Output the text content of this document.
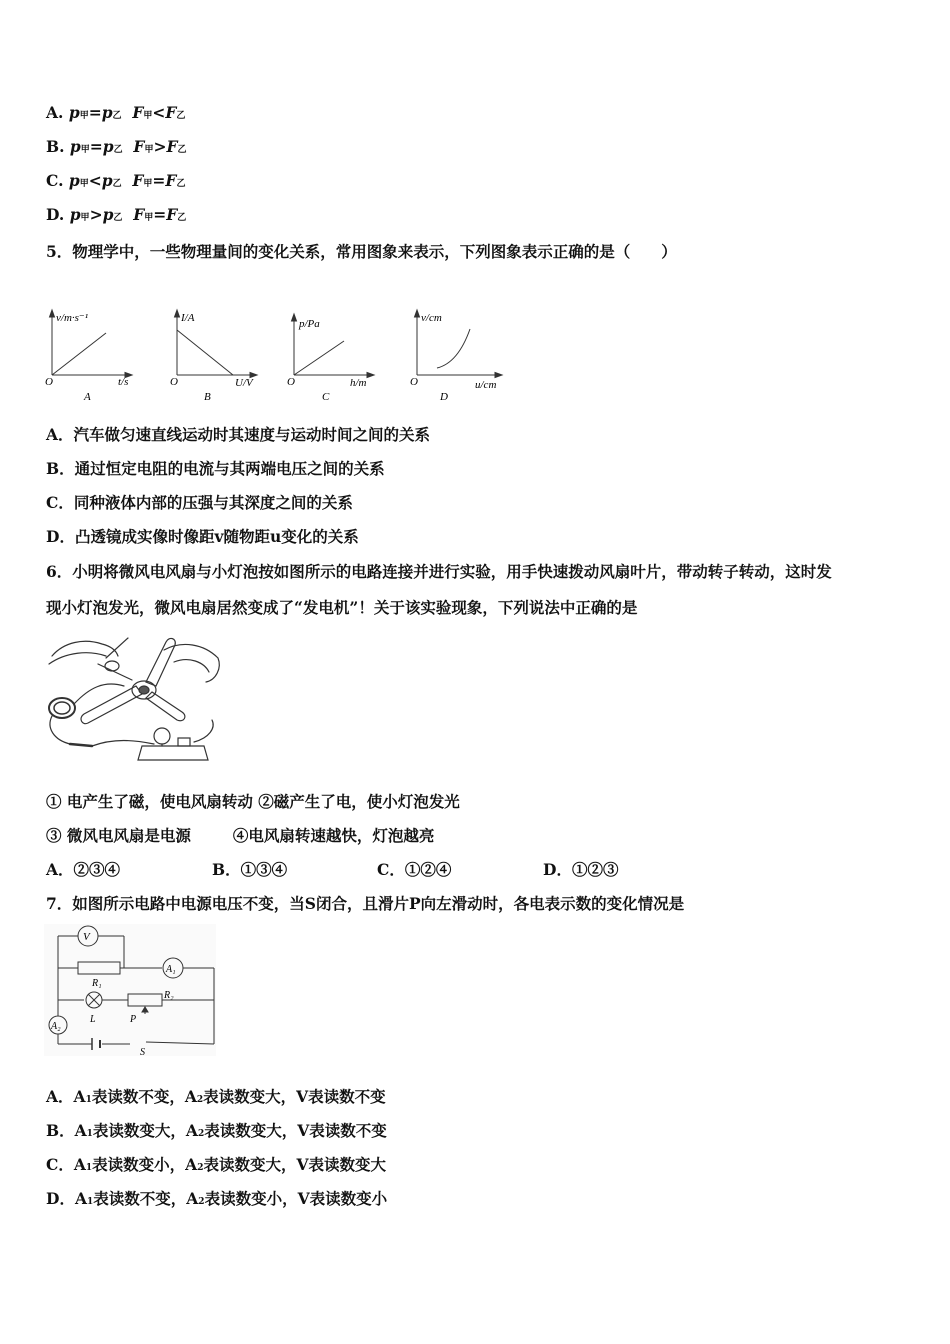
A. p甲=p乙 F甲<F乙
B. p甲=p乙 F甲>F乙
C. p甲<p乙 F甲=F乙
D. p甲>p乙 F甲=F乙
5．物理学中，一些物理量间的变化关系，常用图象来表示，下列图象表示正确的是（　　）
v/m·s⁻¹
O	t/s
A
I/A
O	U/V
B
p/Pa
O	h/m
C
v/cm
O	u/cm
D
A．汽车做匀速直线运动时其速度与运动时间之间的关系
B．通过恒定电阻的电流与其两端电压之间的关系
C．同种液体内部的压强与其深度之间的关系
D．凸透镜成实像时像距v随物距u变化的关系
6．小明将微风电风扇与小灯泡按如图所示的电路连接并进行实验，用手快速拨动风扇叶片，带动转子转动，这时发
现小灯泡发光，微风电扇居然变成了“发电机”！关于该实验现象，下列说法中正确的是
① 电产生了磁，使电风扇转动 ②磁产生了电，使小灯泡发光
③ 微风电风扇是电源	④电风扇转速越快，灯泡越亮
A．②③④	B．①③④	C．①②④	D．①②③
7．如图所示电路中电源电压不变，当S闭合，且滑片P向左滑动时，各电表示数的变化情况是
V
A₁
A₂
R₁
R₂
L	P
S
A．A1表读数不变，A2表读数变大，V表读数不变
B．A1表读数变大，A2表读数变大，V表读数不变
C．A1表读数变小，A2表读数变大，V表读数变大
D．A1表读数不变，A2表读数变小，V表读数变小
